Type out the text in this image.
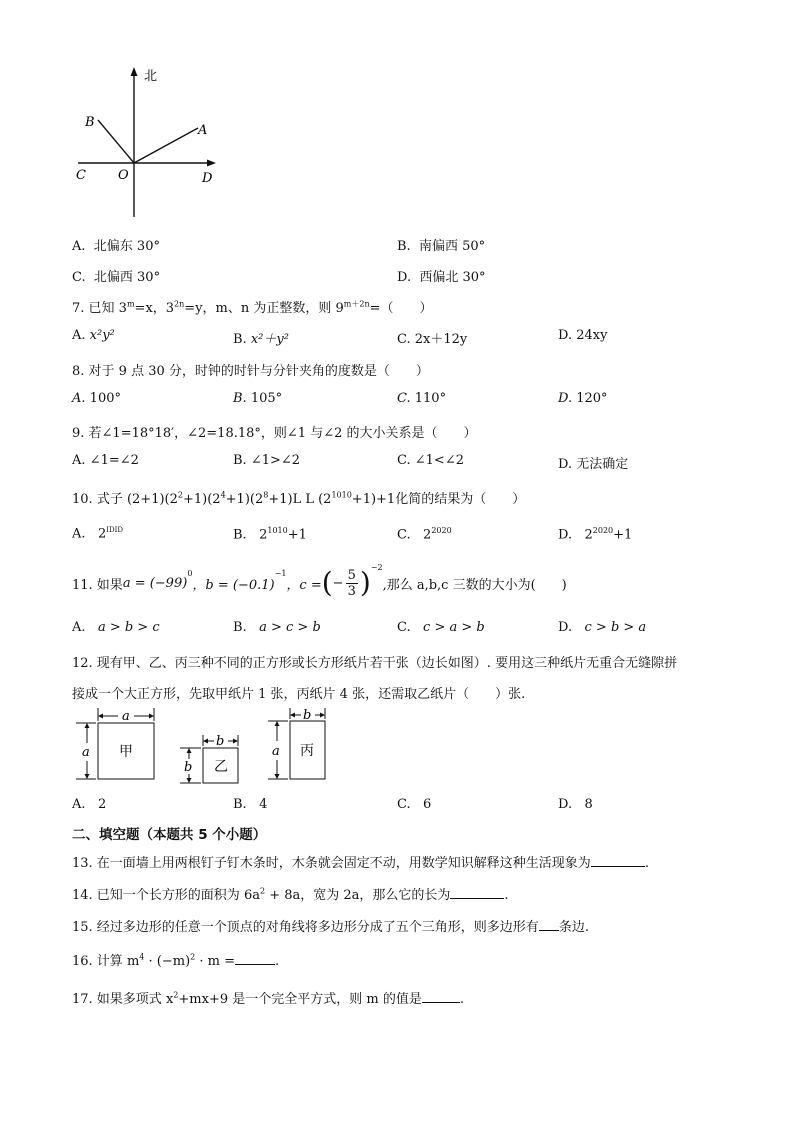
北
A
B
C O	D
A. 北偏东 30°	B. 南偏西 50°
C. 北偏西 30°	D. 西偏北 30°
7. 已知 $3^m=x$，$3^{2n}=y$，m、n 为正整数，则 $9^{m+2n}=$（　　）
A. x²y²	B. x²＋y²	C. 2x＋12y	D. 24xy
8. 对于 9 点 30 分，时钟的时针与分针夹角的度数是（　　）
A. 100°	B. 105°	C. 110°	D. 120°
9. 若∠1=18°18′，∠2=18.18°，则∠1 与∠2 的大小关系是（　　）
A. ∠1=∠2	B. ∠1>∠2	C. ∠1<∠2	D. 无法确定
10. 式子 $(2+1)(2^2+1)(2^4+1)(2^8+1)L$ L $(2^{1010}+1)+1$化简的结果为（　　）
A. $2^{IDID}$	B. $2^{1010}+1$	C. $2^{2020}$	D. $2^{2020}+1$
11. 如果 a = (−99)
$^0$
，b = (−0.1)
$^{-1}$
，c = ( − $\frac{5}{3} )^{-2}$
,那么 a,b,c 三数的大小为(　　)
A. a > b > c	B. a > c > b	C. c > a > b	D. c > b > a
12. 现有甲、乙、丙三种不同的正方形或长方形纸片若干张（边长如图）. 要用这三种纸片无重合无缝隙拼
接成一个大正方形，先取甲纸片 1 张，丙纸片 4 张，还需取乙纸片（　　）张.
a
a 甲
b
b 乙
b
a 丙
A. 2	B. 4	C. 6	D. 8
二、填空题（本题共 5 个小题）
13. 在一面墙上用两根钉子钉木条时，木条就会固定不动，用数学知识解释这种生活现象为	.
14. 已知一个长方形的面积为 $6a^2 + 8a$，宽为 2a，那么它的长为	.
15. 经过多边形的任意一个顶点的对角线将多边形分成了五个三角形，则多边形有 条边.
16. 计算 $m^4 \cdot (-m)^2 \cdot m$ =	.
17. 如果多项式 $x^2+mx+9$ 是一个完全平方式，则 m 的值是	.
